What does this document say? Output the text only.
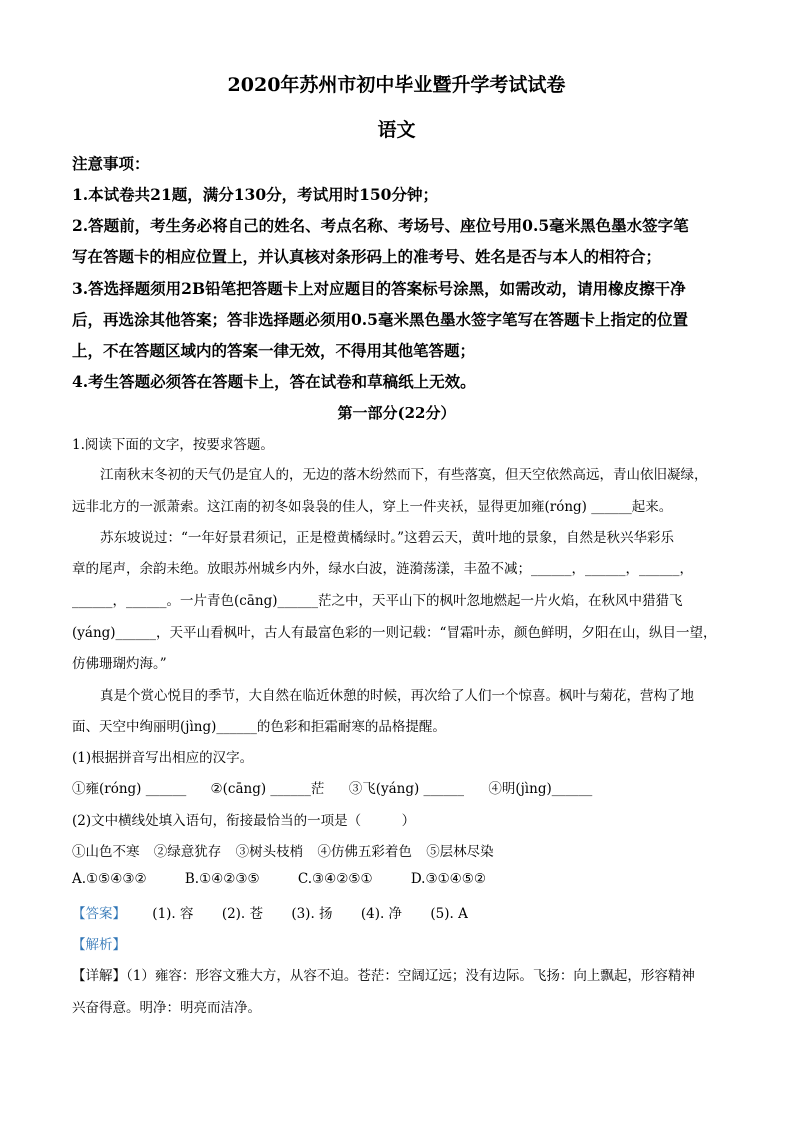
2020年苏州市初中毕业暨升学考试试卷
语文
注意事项：
1.本试卷共21题，满分130分，考试用时150分钟；
2.答题前，考生务必将自己的姓名、考点名称、考场号、座位号用0.5毫米黑色墨水签字笔
写在答题卡的相应位置上，并认真核对条形码上的准考号、姓名是否与本人的相符合；
3.答选择题须用2B铅笔把答题卡上对应题目的答案标号涂黑，如需改动，请用橡皮擦干净
后，再选涂其他答案；答非选择题必须用0.5毫米黑色墨水签字笔写在答题卡上指定的位置
上，不在答题区域内的答案一律无效，不得用其他笔答题；
4.考生答题必须答在答题卡上，答在试卷和草稿纸上无效。
第一部分(22分）
1.阅读下面的文字，按要求答题。
江南秋末冬初的天气仍是宜人的，无边的落木纷然而下，有些落寞，但天空依然高远，青山依旧凝绿，
远非北方的一派萧索。这江南的初冬如袅袅的佳人，穿上一件夹袄，显得更加雍(róng) ______起来。
苏东坡说过：“一年好景君须记，正是橙黄橘绿时。”这碧云天，黄叶地的景象，自然是秋兴华彩乐
章的尾声，余韵未绝。放眼苏州城乡内外，绿水白波，涟漪荡漾，丰盈不减；______，______，______，
______，______。一片青色(cāng)______茫之中，天平山下的枫叶忽地燃起一片火焰，在秋风中猎猎飞
(yáng)______，天平山看枫叶，古人有最富色彩的一则记载：“冒霜叶赤，颜色鲜明，夕阳在山，纵目一望，
仿佛珊瑚灼海。”
真是个赏心悦目的季节，大自然在临近休憩的时候，再次给了人们一个惊喜。枫叶与菊花，营构了地
面、天空中绚丽明(jìng)______的色彩和拒霜耐寒的品格提醒。
(1)根据拼音写出相应的汉字。
①雍(róng) ______ ②(cāng) ______茫 ③飞(yáng) ______ ④明(jìng)______
(2)文中横线处填入语句，衔接最恰当的一项是（　　　）
①山色不寒 ②绿意犹存 ③树头枝梢 ④仿佛五彩着色 ⑤层林尽染
A.①⑤④③②	B.①④②③⑤	C.③④②⑤①	D.③①④⑤②
【答案】 (1). 容 (2). 苍 (3). 扬 (4). 净 (5). A
【解析】
【详解】（1）雍容：形容文雅大方，从容不迫。苍茫：空阔辽远；没有边际。飞扬：向上飘起，形容精神
兴奋得意。明净：明亮而洁净。
